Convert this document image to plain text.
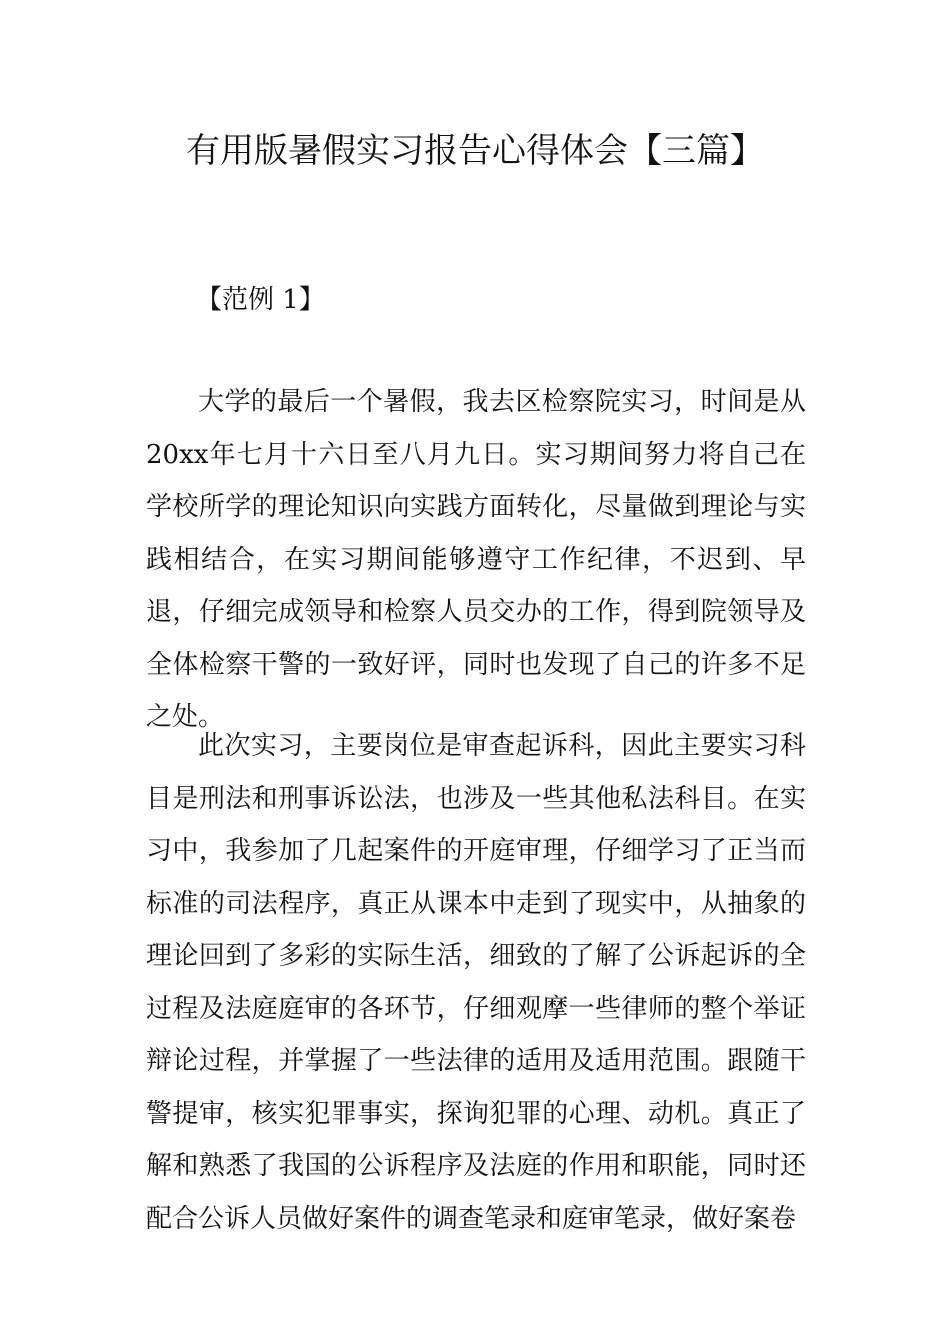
有用版暑假实习报告心得体会【三篇】
【范例 1】

大学的最后一个暑假，我去区检察院实习，时间是从20xx年七月十六日至八月九日。实习期间努力将自己在学校所学的理论知识向实践方面转化，尽量做到理论与实践相结合，在实习期间能够遵守工作纪律，不迟到、早退，仔细完成领导和检察人员交办的工作，得到院领导及全体检察干警的一致好评，同时也发现了自己的许多不足之处。

此次实习，主要岗位是审查起诉科，因此主要实习科目是刑法和刑事诉讼法，也涉及一些其他私法科目。在实习中，我参加了几起案件的开庭审理，仔细学习了正当而标准的司法程序，真正从课本中走到了现实中，从抽象的理论回到了多彩的实际生活，细致的了解了公诉起诉的全过程及法庭庭审的各环节，仔细观摩一些律师的整个举证辩论过程，并掌握了一些法律的适用及适用范围。跟随干警提审，核实犯罪事实，探询犯罪的心理、动机。真正了解和熟悉了我国的公诉程序及法庭的作用和职能，同时还配合公诉人员做好案件的调查笔录和庭审笔录，做好案卷
